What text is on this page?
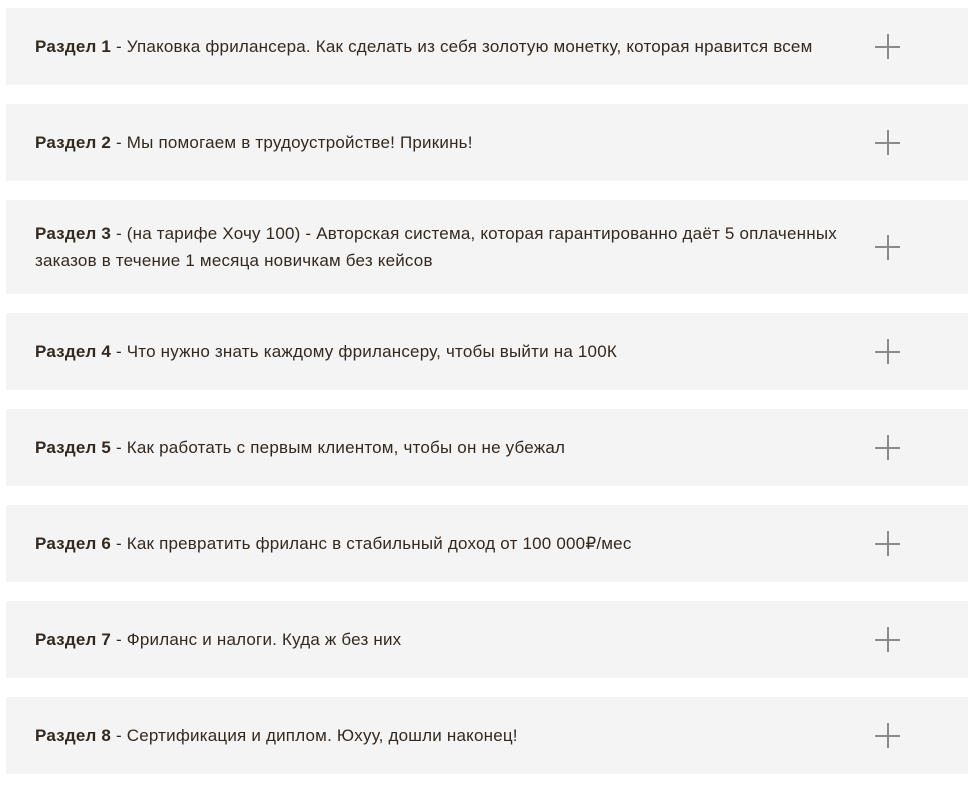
Раздел 1 - Упаковка фрилансера. Как сделать из себя золотую монетку, которая нравится всем

Раздел 2 - Мы помогаем в трудоустройстве! Прикинь!

Раздел 3 - (на тарифе Хочу 100) - Авторская система, которая гарантированно даёт 5 оплаченных заказов в течение 1 месяца новичкам без кейсов

Раздел 4 - Что нужно знать каждому фрилансеру, чтобы выйти на 100К

Раздел 5 - Как работать с первым клиентом, чтобы он не убежал

Раздел 6 - Как превратить фриланс в стабильный доход от 100 000₽/мес

Раздел 7 - Фриланс и налоги. Куда ж без них

Раздел 8 - Сертификация и диплом. Юхуу, дошли наконец!
